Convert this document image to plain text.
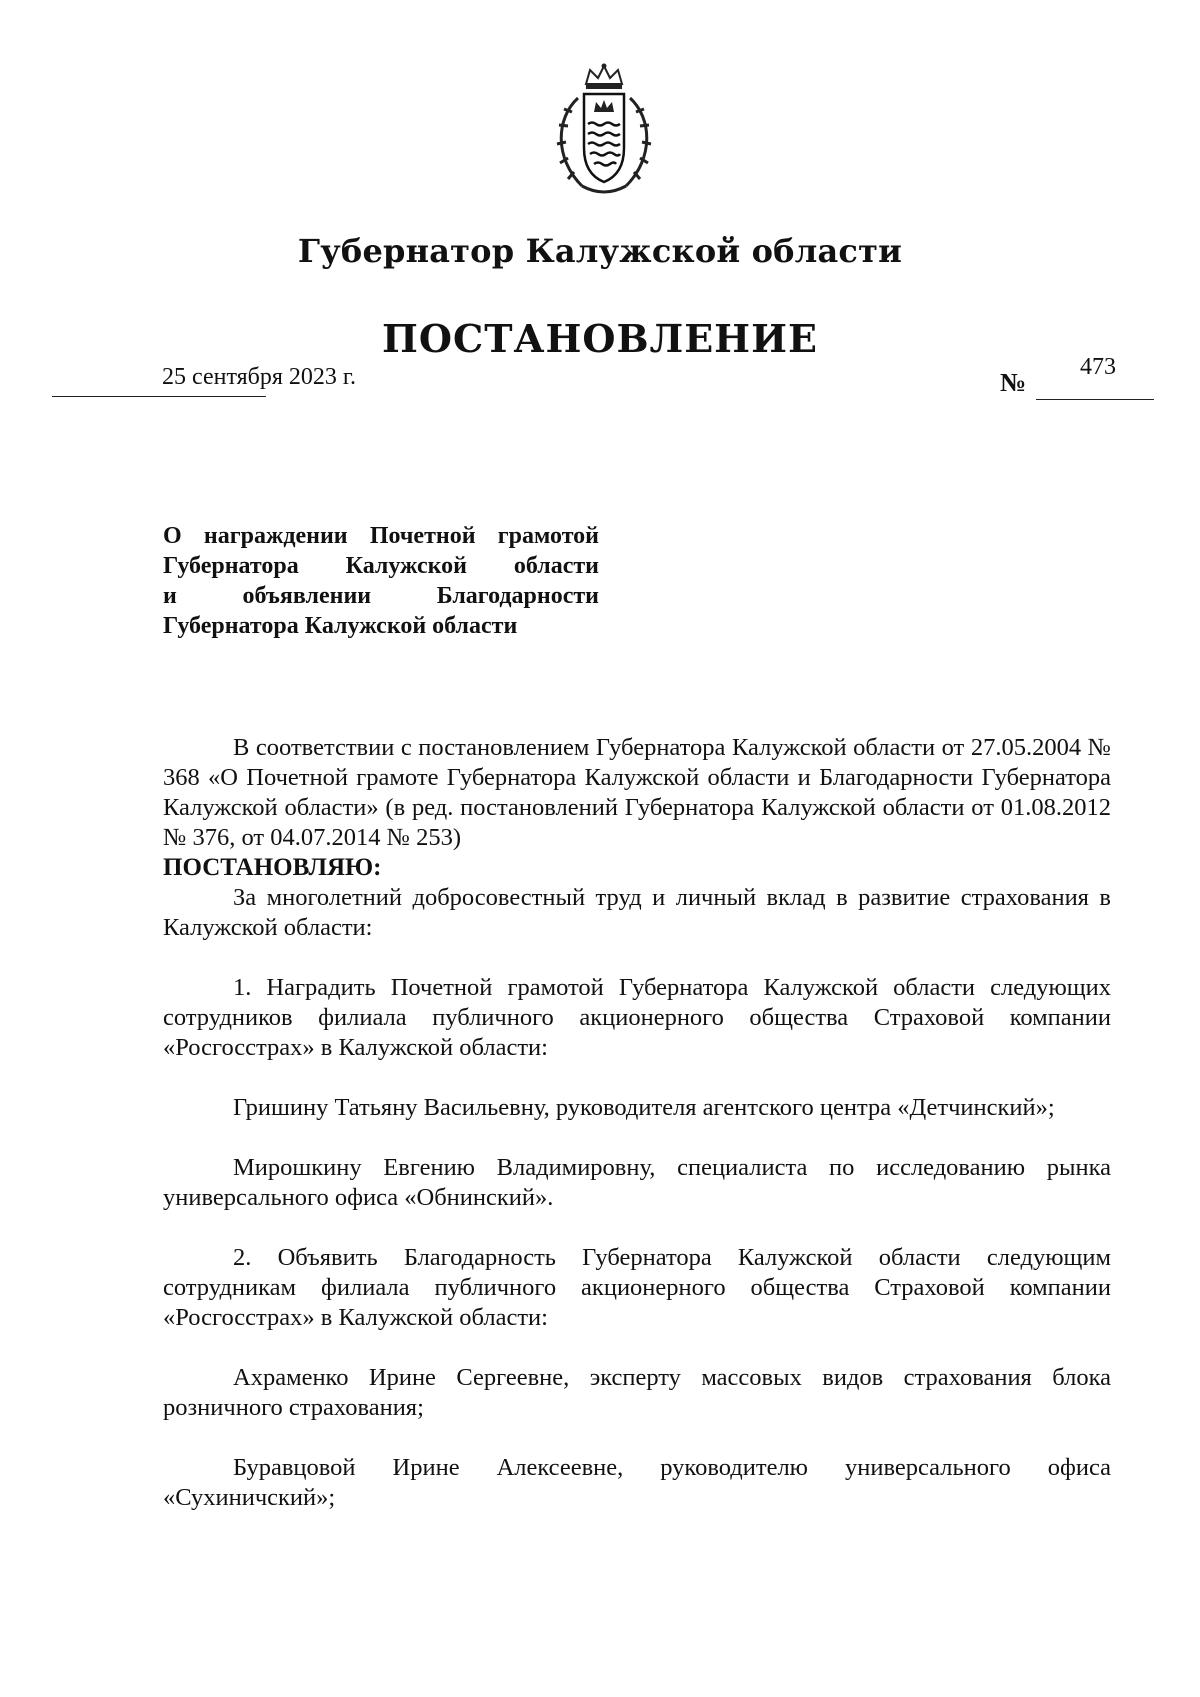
Губернатор Калужской области
ПОСТАНОВЛЕНИЕ
25 сентября 2023 г.	№
473
О награждении Почетной грамотой
Губернатора Калужской области
и объявлении Благодарности
Губернатора Калужской области

В соответствии с постановлением Губернатора Калужской области от 27.05.2004 № 368 «О Почетной грамоте Губернатора Калужской области и Благодарности Губернатора Калужской области» (в ред. постановлений Губернатора Калужской области от 01.08.2012 № 376, от 04.07.2014 № 253)

ПОСТАНОВЛЯЮ:

За многолетний добросовестный труд и личный вклад в развитие страхования в Калужской области:

1. Наградить Почетной грамотой Губернатора Калужской области следующих сотрудников филиала публичного акционерного общества Страховой компании «Росгосстрах» в Калужской области:

Гришину Татьяну Васильевну, руководителя агентского центра «Детчинский»;

Мирошкину Евгению Владимировну, специалиста по исследованию рынка универсального офиса «Обнинский».

2. Объявить Благодарность Губернатора Калужской области следующим сотрудникам филиала публичного акционерного общества Страховой компании «Росгосстрах» в Калужской области:

Ахраменко Ирине Сергеевне, эксперту массовых видов страхования блока розничного страхования;

Буравцовой Ирине Алексеевне, руководителю универсального офиса «Сухиничский»;
